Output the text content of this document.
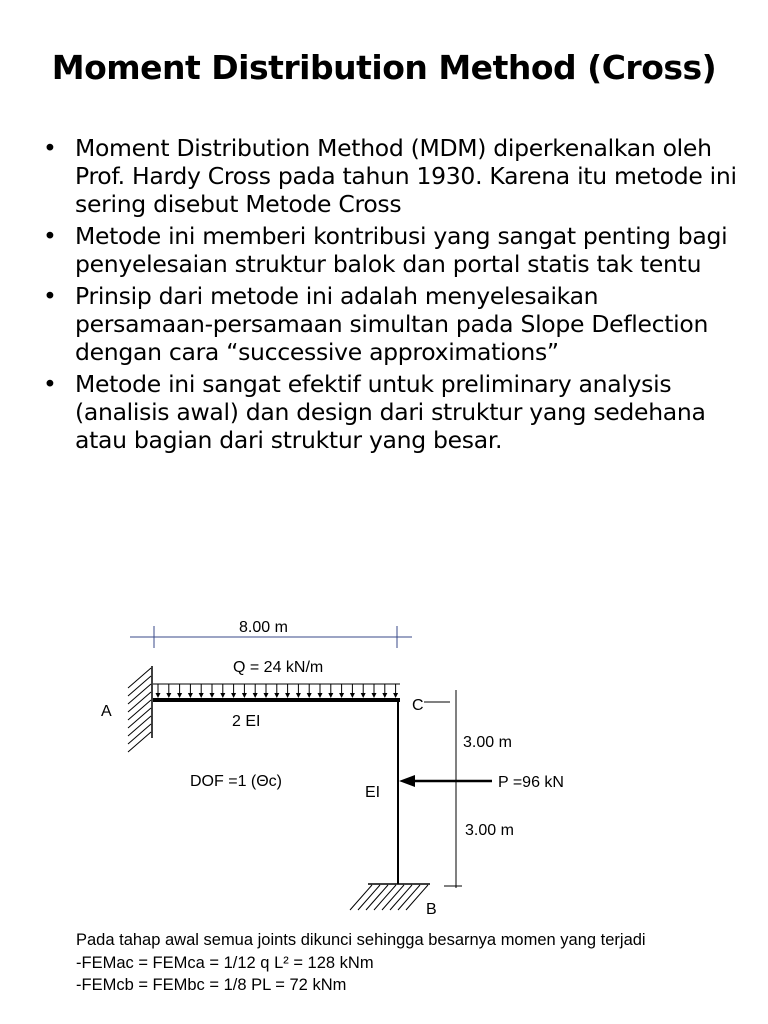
Moment Distribution Method (Cross)
• Moment Distribution Method (MDM) diperkenalkan oleh Prof. Hardy Cross pada tahun 1930. Karena itu metode ini sering disebut Metode Cross
• Metode ini memberi kontribusi yang sangat penting bagi penyelesaian struktur balok dan portal statis tak tentu
• Prinsip dari metode ini adalah menyelesaikan persamaan-persamaan simultan pada Slope Deflection dengan cara “successive approximations”
• Metode ini sangat efektif untuk preliminary analysis (analisis awal) dan design dari struktur yang sedehana atau bagian dari struktur yang besar.
8.00 m
Q = 24 kN/m
2 EI
A	C
EI
B
3.00 m
3.00 m
P =96 kN
DOF =1 (Θc)
Pada tahap awal semua joints dikunci sehingga besarnya momen yang terjadi
-FEMac = FEMca = 1/12 q L² = 128 kNm
-FEMcb = FEMbc = 1/8 PL = 72 kNm
